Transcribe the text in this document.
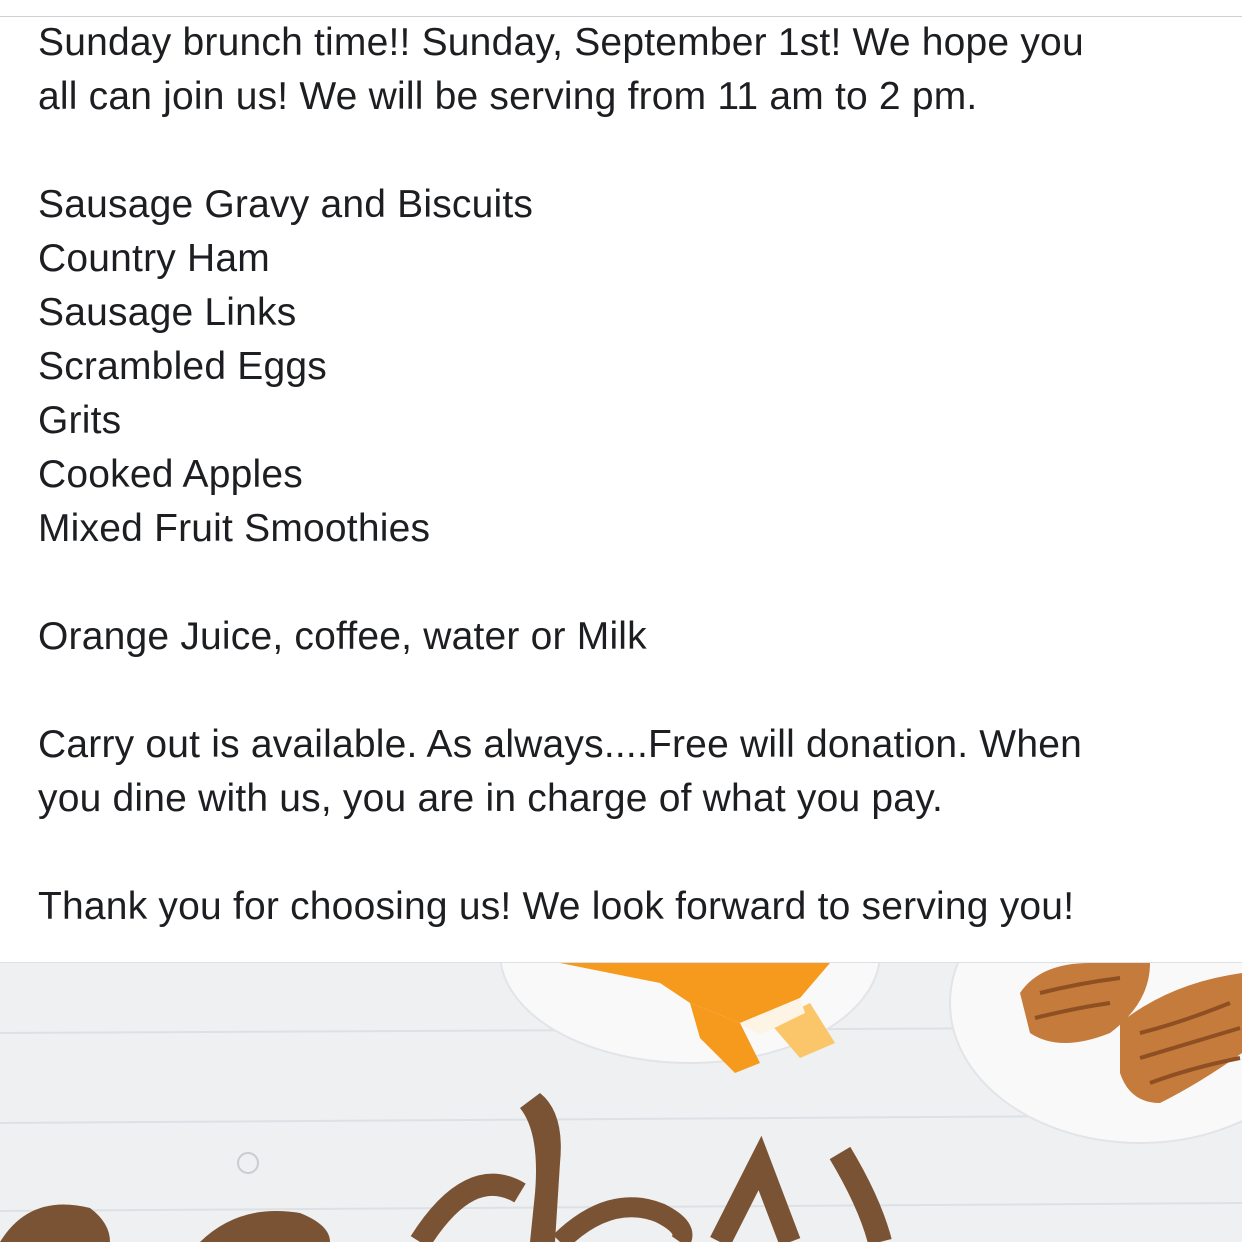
Sunday brunch time!! Sunday, September 1st! We hope you

all can join us! We will be serving from 11 am to 2 pm.

Sausage Gravy and Biscuits

Country Ham

Sausage Links

Scrambled Eggs

Grits

Cooked Apples

Mixed Fruit Smoothies

Orange Juice, coffee, water or Milk

Carry out is available. As always....Free will donation. When

you dine with us, you are in charge of what you pay.

Thank you for choosing us! We look forward to serving you!
